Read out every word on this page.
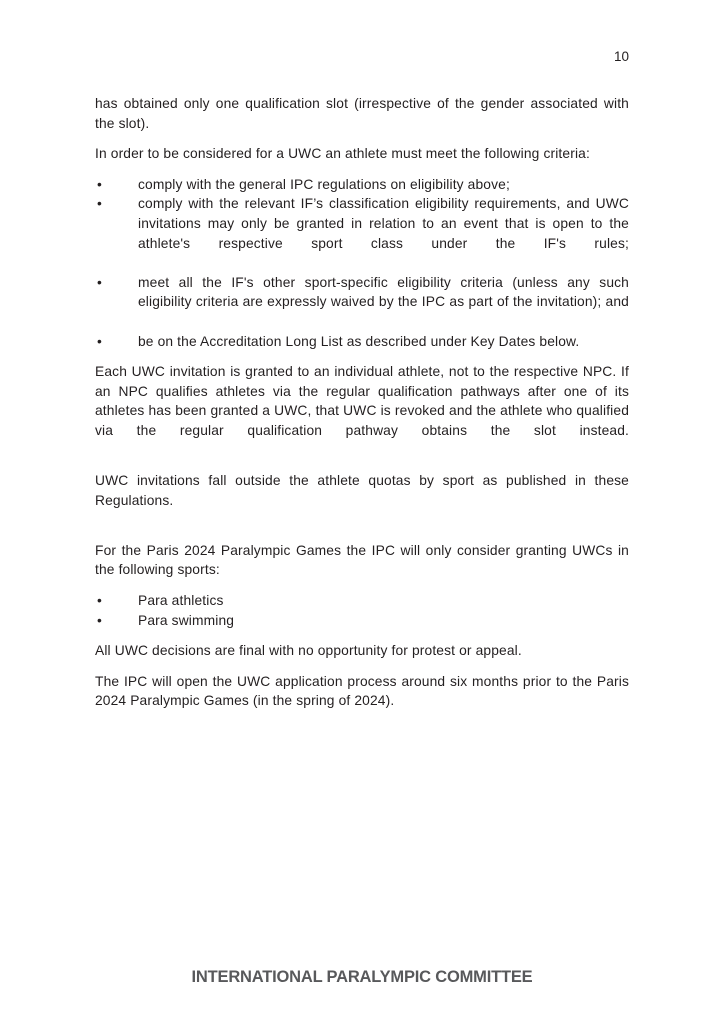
10

has obtained only one qualification slot (irrespective of the gender associated with the slot).

In order to be considered for a UWC an athlete must meet the following criteria:

•	comply with the general IPC regulations on eligibility above;
•	comply with the relevant IF’s classification eligibility requirements, and UWC invitations may only be granted in relation to an event that is open to the athlete's respective sport class under the IF's rules;
•	meet all the IF's other sport-specific eligibility criteria (unless any such eligibility criteria are expressly waived by the IPC as part of the invitation); and
•	be on the Accreditation Long List as described under Key Dates below.

Each UWC invitation is granted to an individual athlete, not to the respective NPC. If an NPC qualifies athletes via the regular qualification pathways after one of its athletes has been granted a UWC, that UWC is revoked and the athlete who qualified via the regular qualification pathway obtains the slot instead.

UWC invitations fall outside the athlete quotas by sport as published in these Regulations.

For the Paris 2024 Paralympic Games the IPC will only consider granting UWCs in the following sports:

•	Para athletics
•	Para swimming

All UWC decisions are final with no opportunity for protest or appeal.

The IPC will open the UWC application process around six months prior to the Paris 2024 Paralympic Games (in the spring of 2024).

INTERNATIONAL PARALYMPIC COMMITTEE
